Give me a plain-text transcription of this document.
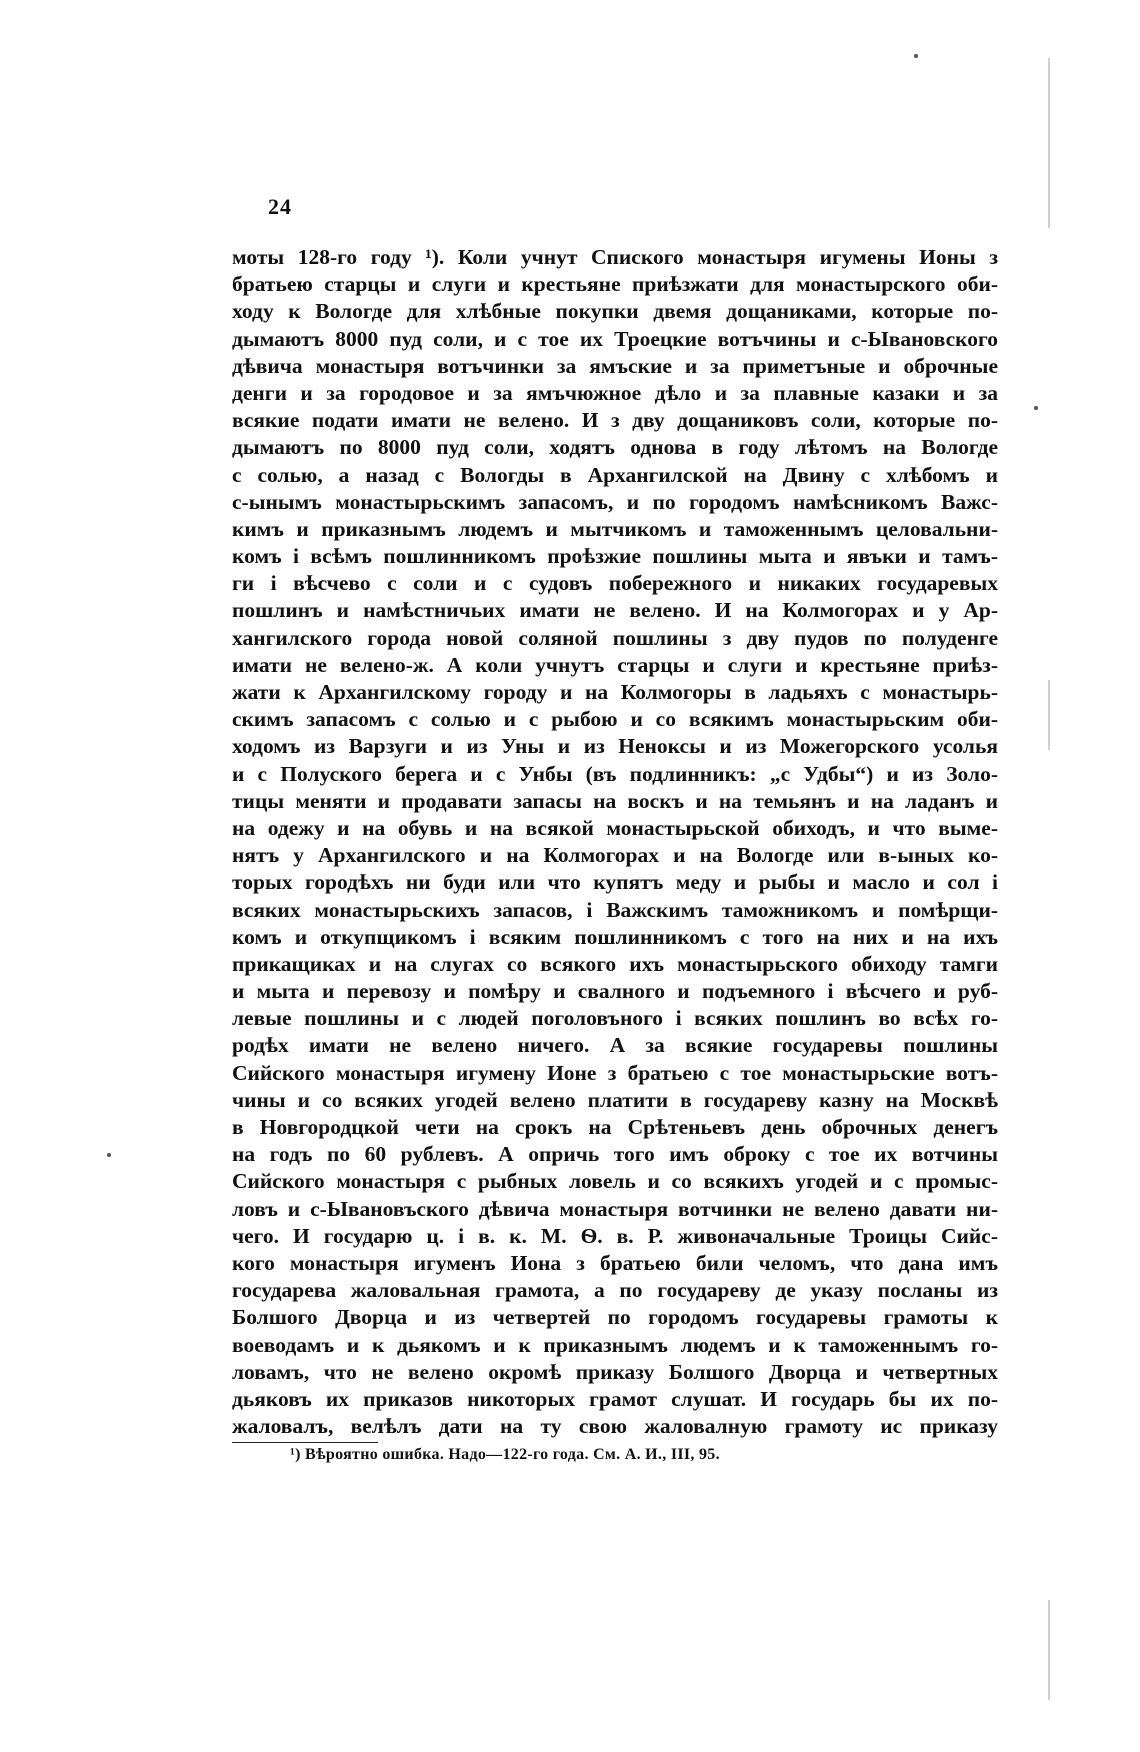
24
моты 128-го году ¹). Коли учнут Спиского монастыря игумены Ионы з
братьею старцы и слуги и крестьяне приѣзжати для монастырского оби-
ходу к Вологде для хлѣбные покупки двемя дощаниками, которые по-
дымаютъ 8000 пуд соли, и с тое их Троецкие вотъчины и с-Ывановского
дѣвича монастыря вотъчинки за ямъские и за приметъные и оброчные
денги и за городовое и за ямъчюжное дѣло и за плавные казаки и за
всякие подати имати не велено. И з дву дощаниковъ соли, которые по-
дымаютъ по 8000 пуд соли, ходятъ однова в году лѣтомъ на Вологде
с солью, а назад с Вологды в Архангилской на Двину с хлѣбомъ и
с-ынымъ монастырьскимъ запасомъ, и по городомъ намѣсникомъ Важс-
кимъ и приказнымъ людемъ и мытчикомъ и таможеннымъ целовальни-
комъ і всѣмъ пошлинникомъ проѣзжие пошлины мыта и явъки и тамъ-
ги і вѣсчево с соли и с судовъ побережного и никаких государевых
пошлинъ и намѣстничьих имати не велено. И на Колмогорах и у Ар-
хангилского города новой соляной пошлины з дву пудов по полуденге
имати не велено-ж. А коли учнутъ старцы и слуги и крестьяне приѣз-
жати к Архангилскому городу и на Колмогоры в ладьяхъ с монастырь-
скимъ запасомъ с солью и с рыбою и со всякимъ монастырьским оби-
ходомъ из Варзуги и из Уны и из Неноксы и из Можегорского усолья
и с Полуского берега и с Унбы (въ подлинникъ: „с Удбы“) и из Золо-
тицы меняти и продавати запасы на воскъ и на темьянъ и на ладанъ и
на одежу и на обувь и на всякой монастырьской обиходъ, и что выме-
нятъ у Архангилского и на Колмогорах и на Вологде или в-ыных ко-
торых городѣхъ ни буди или что купятъ меду и рыбы и масло и сол і
всяких монастырьскихъ запасов, і Важскимъ таможникомъ и помѣрщи-
комъ и откупщикомъ і всяким пошлинникомъ с того на них и на ихъ
прикащиках и на слугах со всякого ихъ монастырьского обиходу тамги
и мыта и перевозу и помѣру и свалного и подъемного і вѣсчего и руб-
левые пошлины и с людей поголовъного і всяких пошлинъ во всѣх го-
родѣх имати не велено ничего. А за всякие государевы пошлины
Сийского монастыря игумену Ионе з братьею с тое монастырьские вотъ-
чины и со всяких угодей велено платити в государеву казну на Москвѣ
в Новгородцкой чети на срокъ на Срѣтеньевъ день оброчных денегъ
на годъ по 60 рублевъ. А опричь того имъ оброку с тое их вотчины
Сийского монастыря с рыбных ловель и со всякихъ угодей и с промыс-
ловъ и с-Ывановъского дѣвича монастыря вотчинки не велено давати ни-
чего. И государю ц. і в. к. М. Ѳ. в. Р. живоначальные Троицы Сийс-
кого монастыря игуменъ Иона з братьею били челомъ, что дана имъ
государева жаловальная грамота, а по государеву де указу посланы из
Болшого Дворца и из четвертей по городомъ государевы грамоты к
воеводамъ и к дьякомъ и к приказнымъ людемъ и к таможеннымъ го-
ловамъ, что не велено окромѣ приказу Болшого Дворца и четвертных
дьяковъ их приказов никоторых грамот слушат. И государь бы их по-
жаловалъ, велѣлъ дати на ту свою жаловалную грамоту ис приказу
¹) Вѣроятно ошибка. Надо—122-го года. См. А. И., III, 95.
